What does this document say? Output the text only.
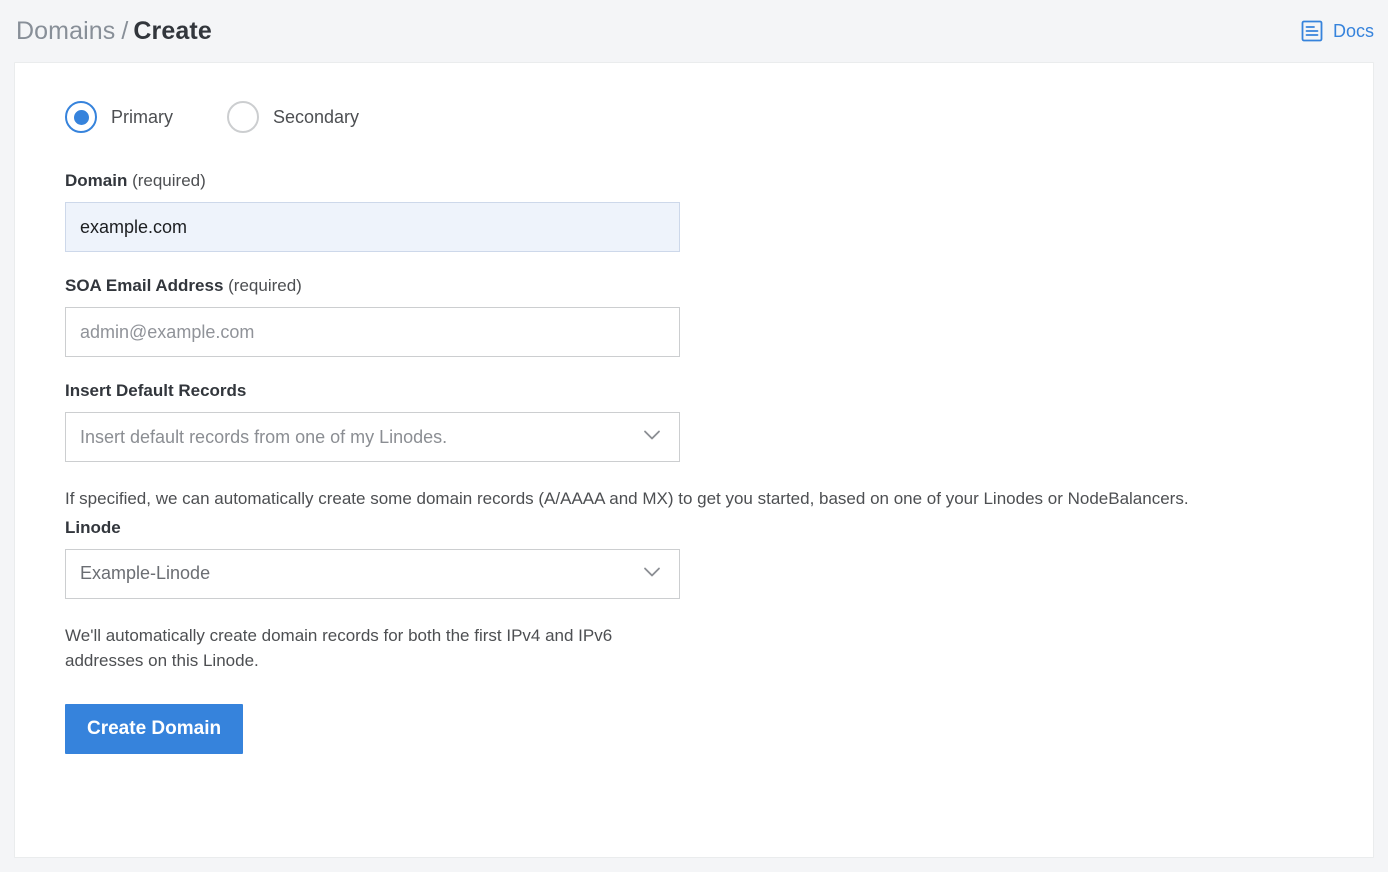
Domains / Create	Docs
Primary	Secondary
Domain (required)
example.com
SOA Email Address (required)
admin@example.com
Insert Default Records
Insert default records from one of my Linodes.

If specified, we can automatically create some domain records (A/AAAA and MX) to get you started, based on one of your Linodes or NodeBalancers.

Linode
Example-Linode

We'll automatically create domain records for both the first IPv4 and IPv6 addresses on this Linode.

Create Domain
